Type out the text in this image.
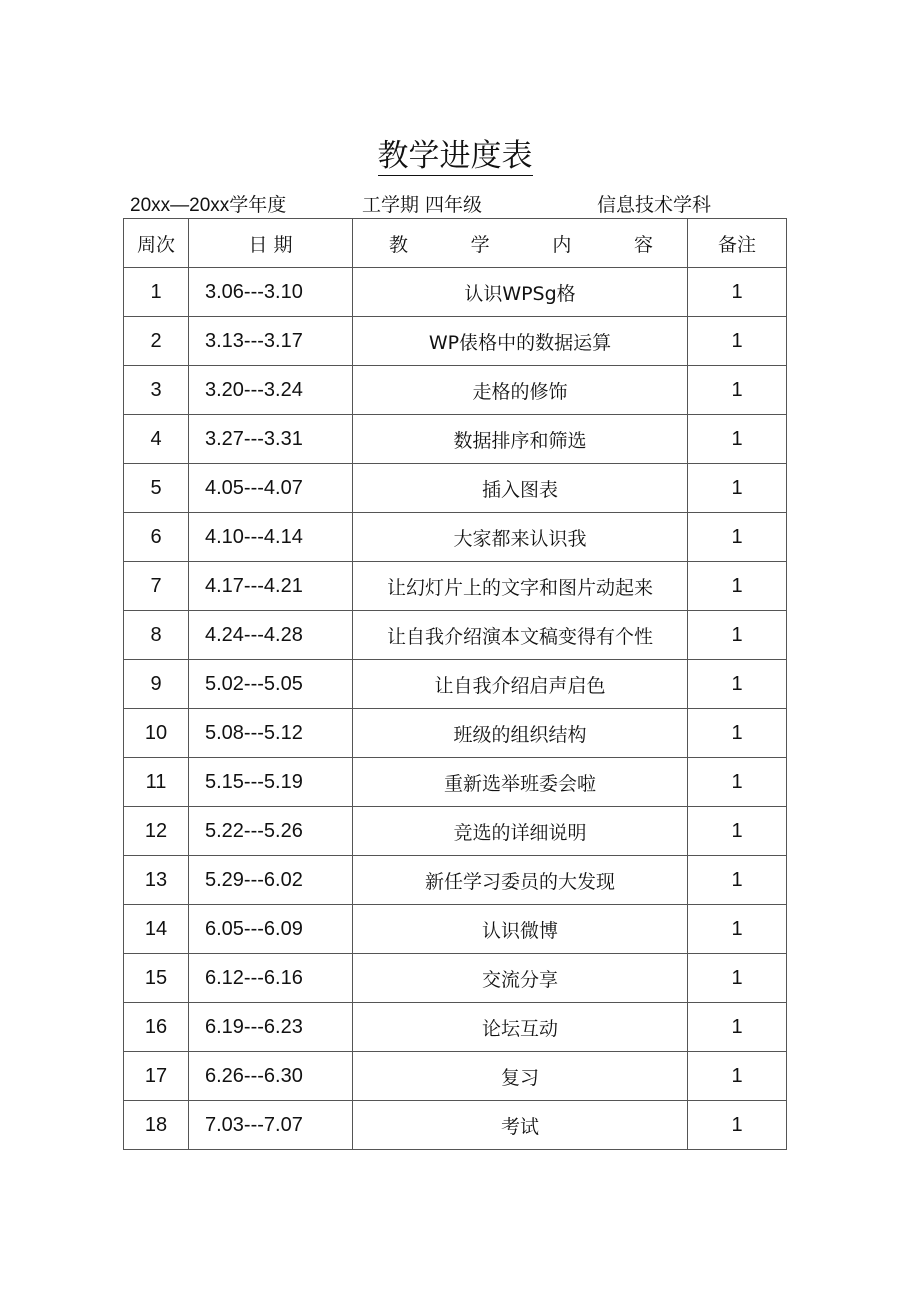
教学进度表
20xx—20xx学年度	工学期 四年级	信息技术学科
周次	日 期	教 学 内 容	备注
1	3.06---3.10	认识WPSg格	1
2	3.13---3.17	WP俵格中的数据运算	1
3	3.20---3.24	走格的修饰	1
4	3.27---3.31	数据排序和筛选	1
5	4.05---4.07	插入图表	1
6	4.10---4.14	大家都来认识我	1
7	4.17---4.21	让幻灯片上的文字和图片动起来	1
8	4.24---4.28	让自我介绍演本文稿变得有个性	1
9	5.02---5.05	让自我介绍启声启色	1
10	5.08---5.12	班级的组织结构	1
11	5.15---5.19	重新选举班委会啦	1
12	5.22---5.26	竞选的详细说明	1
13	5.29---6.02	新任学习委员的大发现	1
14	6.05---6.09	认识微博	1
15	6.12---6.16	交流分享	1
16	6.19---6.23	论坛互动	1
17	6.26---6.30	复习	1
18	7.03---7.07	考试	1
